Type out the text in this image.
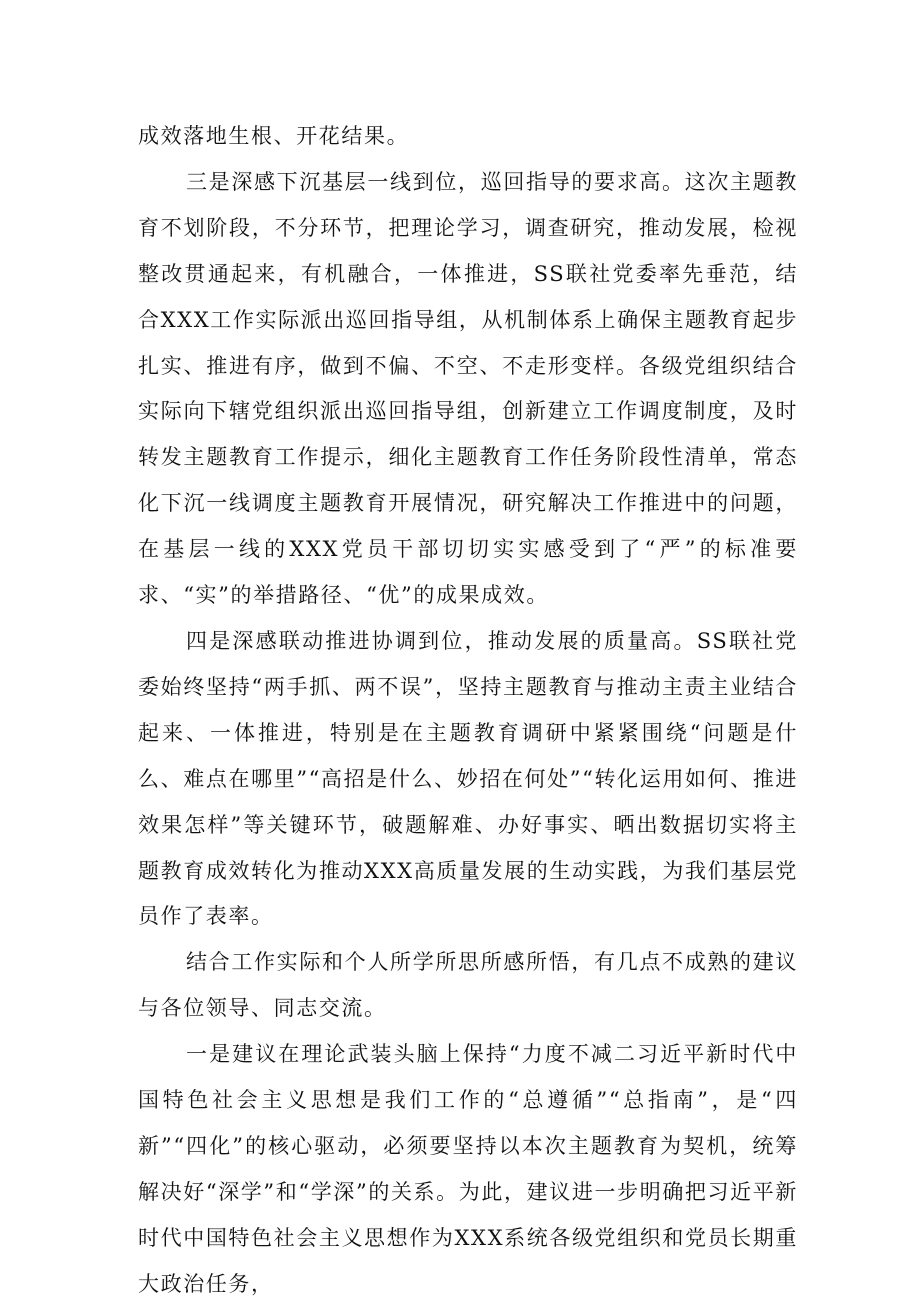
成效落地生根、开花结果。

三是深感下沉基层一线到位，巡回指导的要求高。这次主题教育不划阶段，不分环节，把理论学习，调查研究，推动发展，检视整改贯通起来，有机融合，一体推进，SS联社党委率先垂范，结合XXX工作实际派出巡回指导组，从机制体系上确保主题教育起步扎实、推进有序，做到不偏、不空、不走形变样。各级党组织结合实际向下辖党组织派出巡回指导组，创新建立工作调度制度，及时转发主题教育工作提示，细化主题教育工作任务阶段性清单，常态化下沉一线调度主题教育开展情况，研究解决工作推进中的问题，在基层一线的XXX党员干部切切实实感受到了“严”的标准要求、“实”的举措路径、“优”的成果成效。

四是深感联动推进协调到位，推动发展的质量高。SS联社党委始终坚持“两手抓、两不误”，坚持主题教育与推动主责主业结合起来、一体推进，特别是在主题教育调研中紧紧围绕“问题是什么、难点在哪里”“高招是什么、妙招在何处”“转化运用如何、推进效果怎样”等关键环节，破题解难、办好事实、晒出数据切实将主题教育成效转化为推动XXX高质量发展的生动实践，为我们基层党员作了表率。

结合工作实际和个人所学所思所感所悟，有几点不成熟的建议与各位领导、同志交流。

一是建议在理论武装头脑上保持“力度不减二习近平新时代中国特色社会主义思想是我们工作的“总遵循”“总指南”，是“四新”“四化”的核心驱动，必须要坚持以本次主题教育为契机，统筹解决好“深学”和“学深”的关系。为此，建议进一步明确把习近平新时代中国特色社会主义思想作为XXX系统各级党组织和党员长期重大政治任务，
